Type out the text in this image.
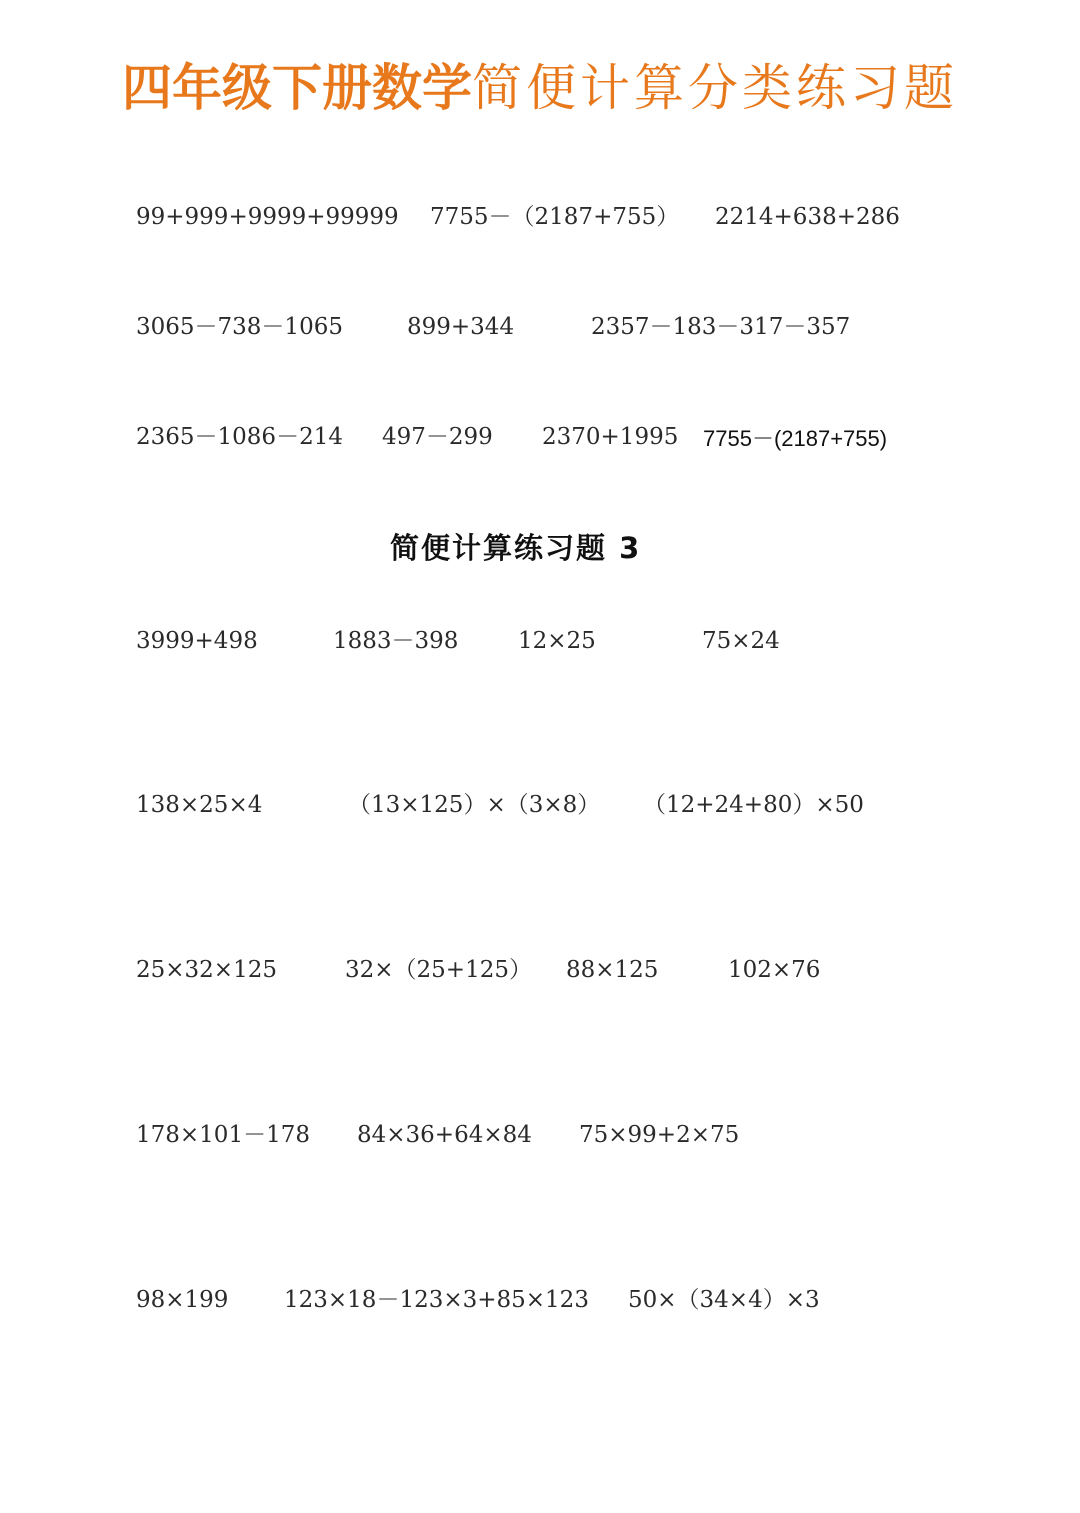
四年级下册数学简便计算分类练习题
99+999+9999+99999 7755－（2187+755） 2214+638+286
3065－738－1065	899+344	2357－183－317－357
2365－1086－214 497－299 2370+1995 7755－(2187+755)
简便计算练习题 3
3999+498	1883－398	12×25	75×24
138×25×4	（13×125）×（3×8） （12+24+80）×50
25×32×125	32×（25+125） 88×125	102×76
178×101－178 84×36+64×84 75×99+2×75
98×199 123×18－123×3+85×123 50×（34×4）×3
